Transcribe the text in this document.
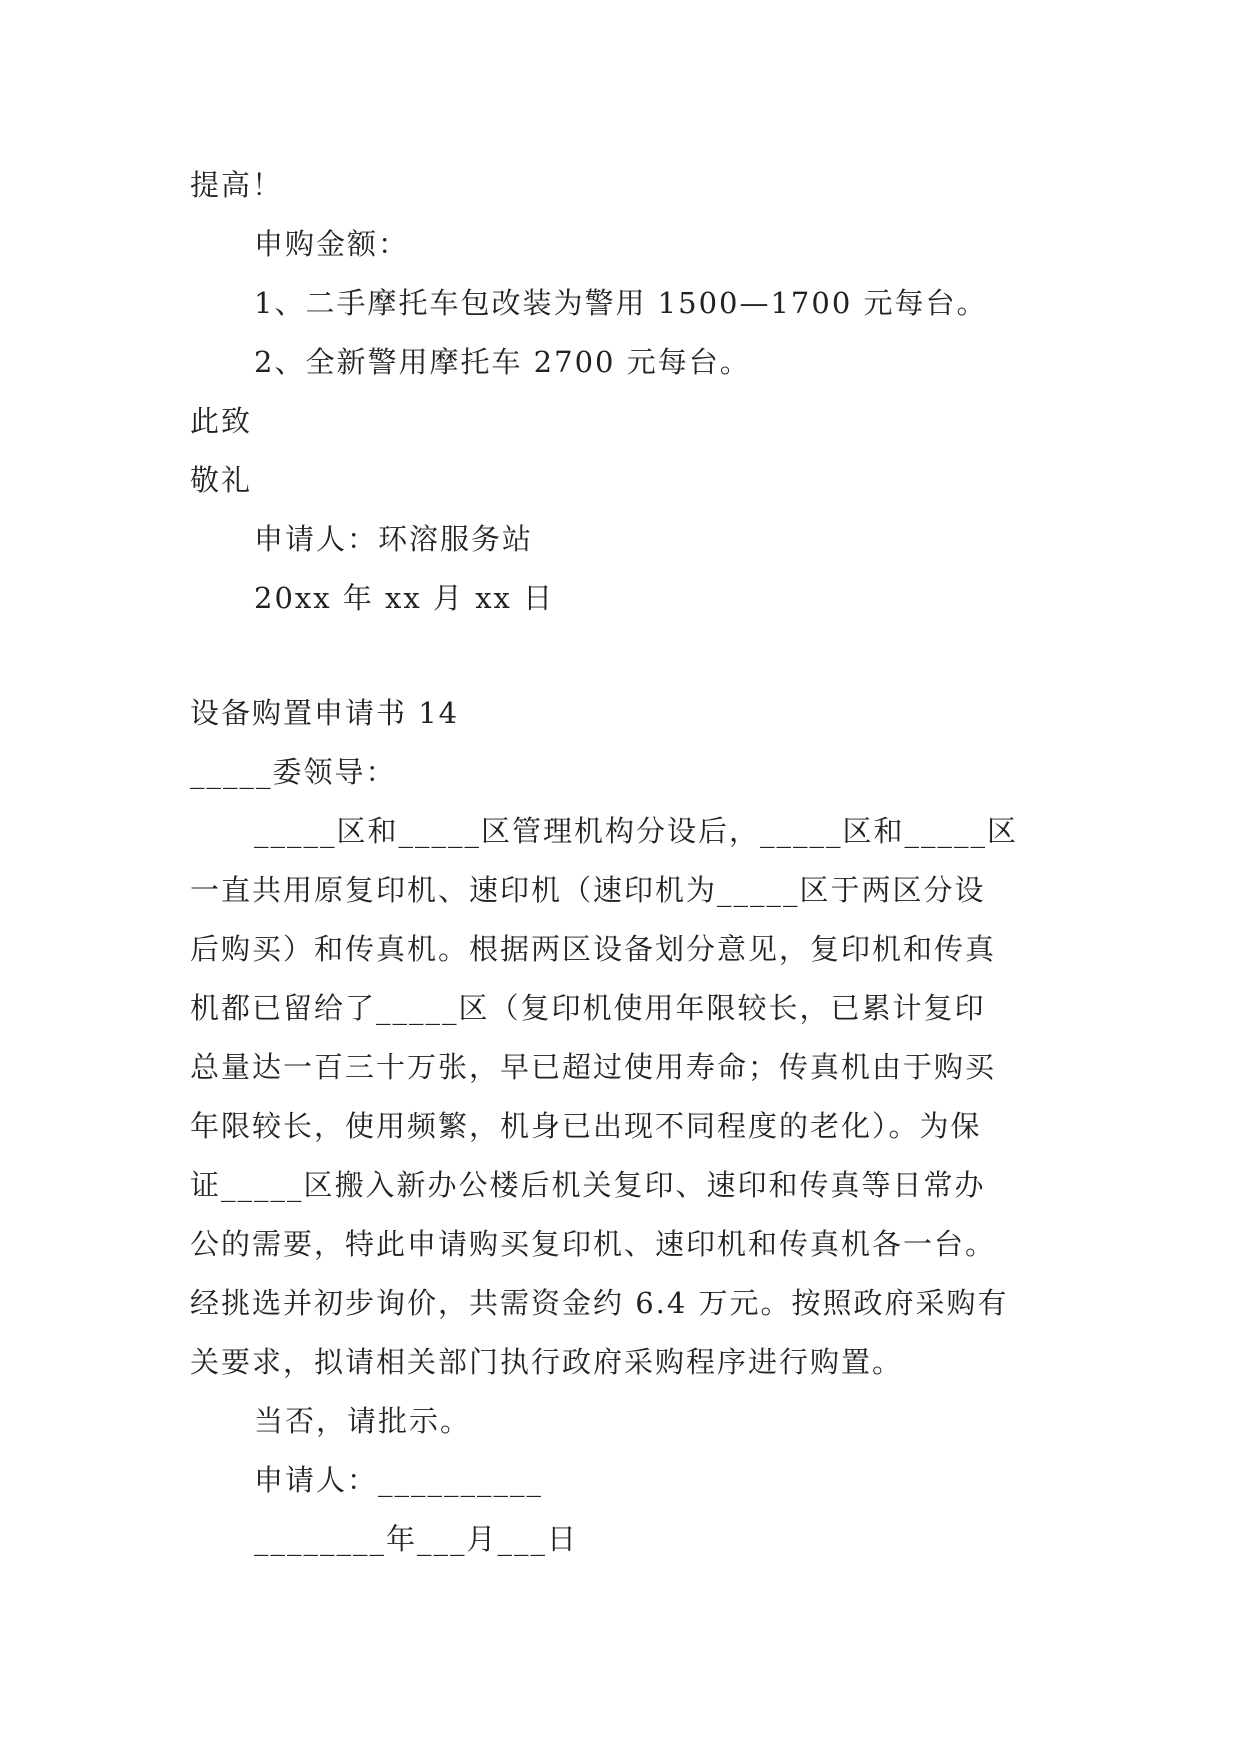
提高！
申购金额：
1、二手摩托车包改装为警用 1500—1700 元每台。
2、全新警用摩托车 2700 元每台。
此致
敬礼
申请人：环溶服务站
20xx 年 xx 月 xx 日
设备购置申请书 14
_____委领导：
_____区和_____区管理机构分设后，_____区和_____区
一直共用原复印机、速印机（速印机为_____区于两区分设
后购买）和传真机。根据两区设备划分意见，复印机和传真
机都已留给了_____区（复印机使用年限较长，已累计复印
总量达一百三十万张，早已超过使用寿命；传真机由于购买
年限较长，使用频繁，机身已出现不同程度的老化）。为保
证_____区搬入新办公楼后机关复印、速印和传真等日常办
公的需要，特此申请购买复印机、速印机和传真机各一台。
经挑选并初步询价，共需资金约 6.4 万元。按照政府采购有
关要求，拟请相关部门执行政府采购程序进行购置。
当否，请批示。
申请人：__________
________年___月___日
